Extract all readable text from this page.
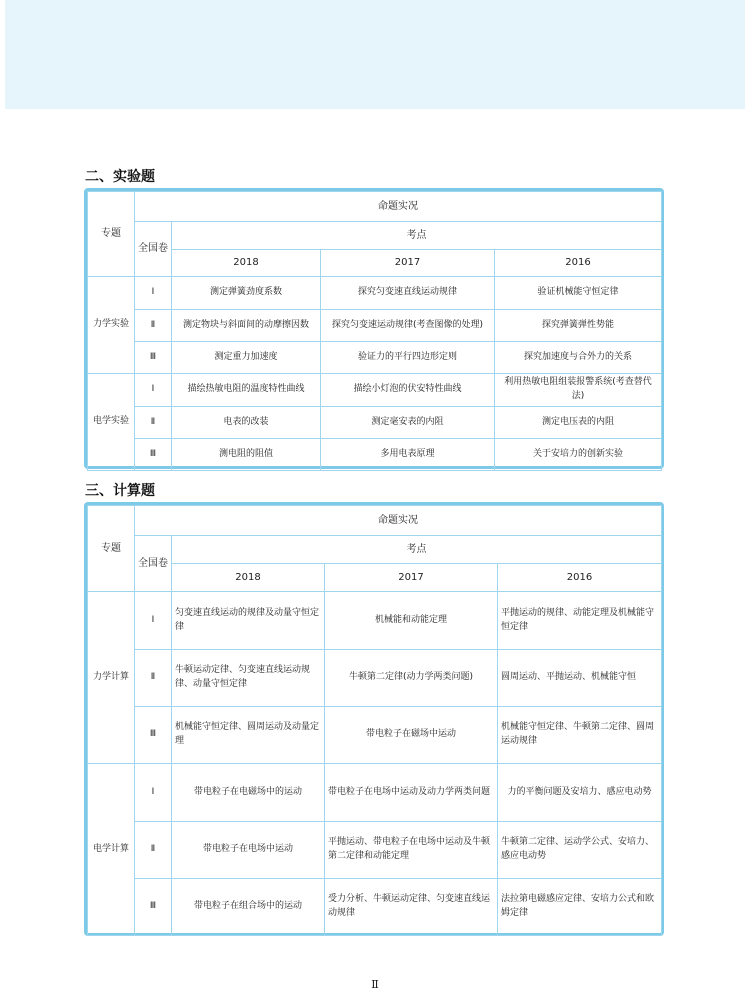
二、实验题
专题	命题实况			
	全国卷	考点		
		2018	2017	2016
力学实验	Ⅰ	测定弹簧劲度系数	探究匀变速直线运动规律	验证机械能守恒定律
	Ⅱ	测定物块与斜面间的动摩擦因数	探究匀变速运动规律(考查图像的处理)	探究弹簧弹性势能
	Ⅲ	测定重力加速度	验证力的平行四边形定则	探究加速度与合外力的关系
电学实验	Ⅰ	描绘热敏电阻的温度特性曲线	描绘小灯泡的伏安特性曲线	利用热敏电阻组装报警系统(考查替代法)
	Ⅱ	电表的改装	测定毫安表的内阻	测定电压表的内阻
	Ⅲ	测电阻的阻值	多用电表原理	关于安培力的创新实验
三、计算题
专题	命题实况			
	全国卷	考点		
		2018	2017	2016
力学计算	Ⅰ	匀变速直线运动的规律及动量守恒定律	机械能和动能定理	平抛运动的规律、动能定理及机械能守恒定律
	Ⅱ	牛顿运动定律、匀变速直线运动规律、动量守恒定律	牛顿第二定律(动力学两类问题)	圆周运动、平抛运动、机械能守恒
	Ⅲ	机械能守恒定律、圆周运动及动量定理	带电粒子在磁场中运动	机械能守恒定律、牛顿第二定律、圆周运动规律
电学计算	Ⅰ	带电粒子在电磁场中的运动	带电粒子在电场中运动及动力学两类问题	力的平衡问题及安培力、感应电动势
	Ⅱ	带电粒子在电场中运动	平抛运动、带电粒子在电场中运动及牛顿第二定律和动能定理	牛顿第二定律、运动学公式、安培力、感应电动势
	Ⅲ	带电粒子在组合场中的运动	受力分析、牛顿运动定律、匀变速直线运动规律	法拉第电磁感应定律、安培力公式和欧姆定律
Ⅱ
